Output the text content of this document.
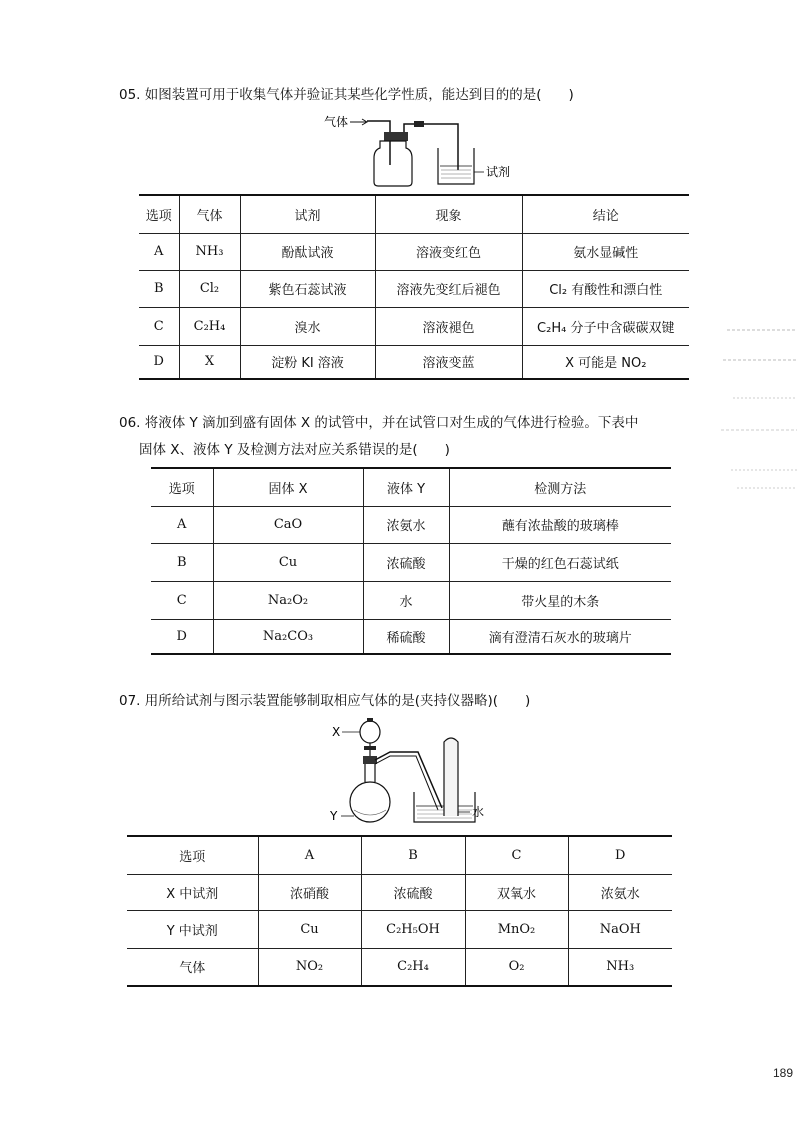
05. 如图装置可用于收集气体并验证其某些化学性质，能达到目的的是(　　)
气体
试剂
选项	气体	试剂	现象	结论
A	NH₃	酚酞试液	溶液变红色	氨水显碱性
B	Cl₂	紫色石蕊试液	溶液先变红后褪色	Cl₂ 有酸性和漂白性
C	C₂H₄	溴水	溶液褪色	C₂H₄ 分子中含碳碳双键
D	X	淀粉 KI 溶液	溶液变蓝	X 可能是 NO₂
06. 将液体 Y 滴加到盛有固体 X 的试管中，并在试管口对生成的气体进行检验。下表中
固体 X、液体 Y 及检测方法对应关系错误的是(　　)
选项	固体 X	液体 Y	检测方法
A	CaO	浓氨水	蘸有浓盐酸的玻璃棒
B	Cu	浓硫酸	干燥的红色石蕊试纸
C	Na₂O₂	水	带火星的木条
D	Na₂CO₃	稀硫酸	滴有澄清石灰水的玻璃片
07. 用所给试剂与图示装置能够制取相应气体的是(夹持仪器略)(　　)
X
Y	水
选项	A	B	C	D
X 中试剂	浓硝酸	浓硫酸	双氧水	浓氨水
Y 中试剂	Cu	C₂H₅OH	MnO₂	NaOH
气体	NO₂	C₂H₄	O₂	NH₃
189
